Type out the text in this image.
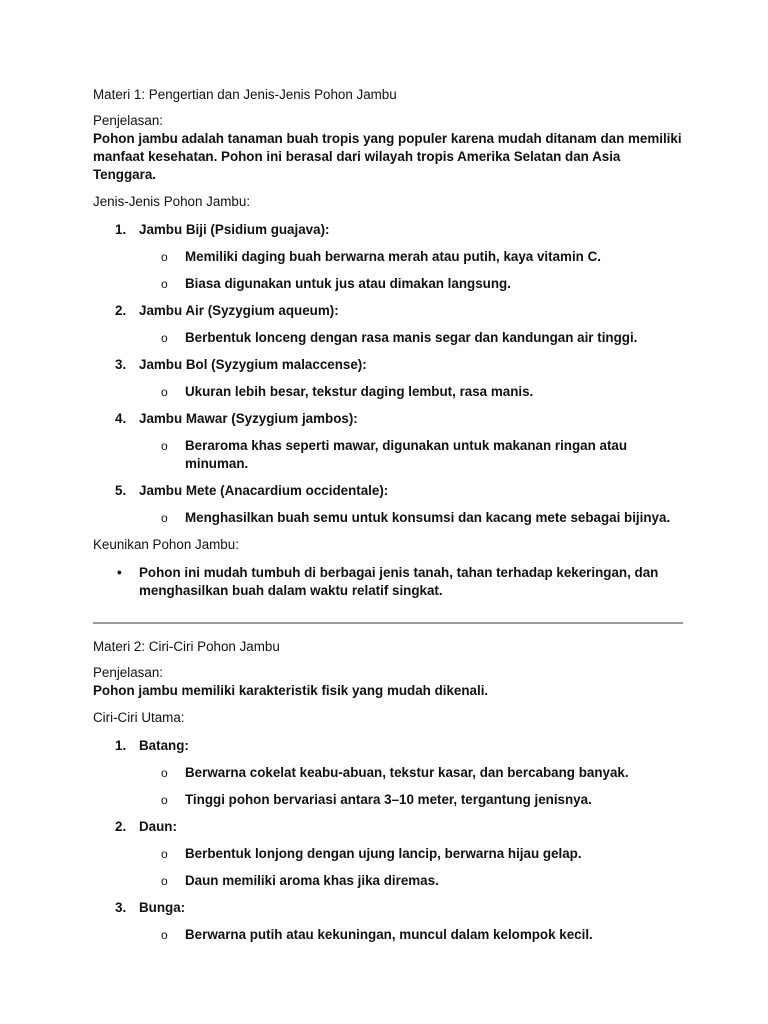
Materi 1: Pengertian dan Jenis-Jenis Pohon Jambu

Penjelasan:

Pohon jambu adalah tanaman buah tropis yang populer karena mudah ditanam dan memiliki manfaat kesehatan. Pohon ini berasal dari wilayah tropis Amerika Selatan dan Asia Tenggara.

Jenis-Jenis Pohon Jambu:

1. Jambu Biji (Psidium guajava):
o Memiliki daging buah berwarna merah atau putih, kaya vitamin C.
o Biasa digunakan untuk jus atau dimakan langsung.
2. Jambu Air (Syzygium aqueum):
o Berbentuk lonceng dengan rasa manis segar dan kandungan air tinggi.
3. Jambu Bol (Syzygium malaccense):
o Ukuran lebih besar, tekstur daging lembut, rasa manis.
4. Jambu Mawar (Syzygium jambos):
o Beraroma khas seperti mawar, digunakan untuk makanan ringan atau minuman.
5. Jambu Mete (Anacardium occidentale):
o Menghasilkan buah semu untuk konsumsi dan kacang mete sebagai bijinya.

Keunikan Pohon Jambu:

• Pohon ini mudah tumbuh di berbagai jenis tanah, tahan terhadap kekeringan, dan menghasilkan buah dalam waktu relatif singkat.

Materi 2: Ciri-Ciri Pohon Jambu

Penjelasan:

Pohon jambu memiliki karakteristik fisik yang mudah dikenali.

Ciri-Ciri Utama:

1. Batang:
o Berwarna cokelat keabu-abuan, tekstur kasar, dan bercabang banyak.
o Tinggi pohon bervariasi antara 3–10 meter, tergantung jenisnya.
2. Daun:
o Berbentuk lonjong dengan ujung lancip, berwarna hijau gelap.
o Daun memiliki aroma khas jika diremas.
3. Bunga:
o Berwarna putih atau kekuningan, muncul dalam kelompok kecil.
